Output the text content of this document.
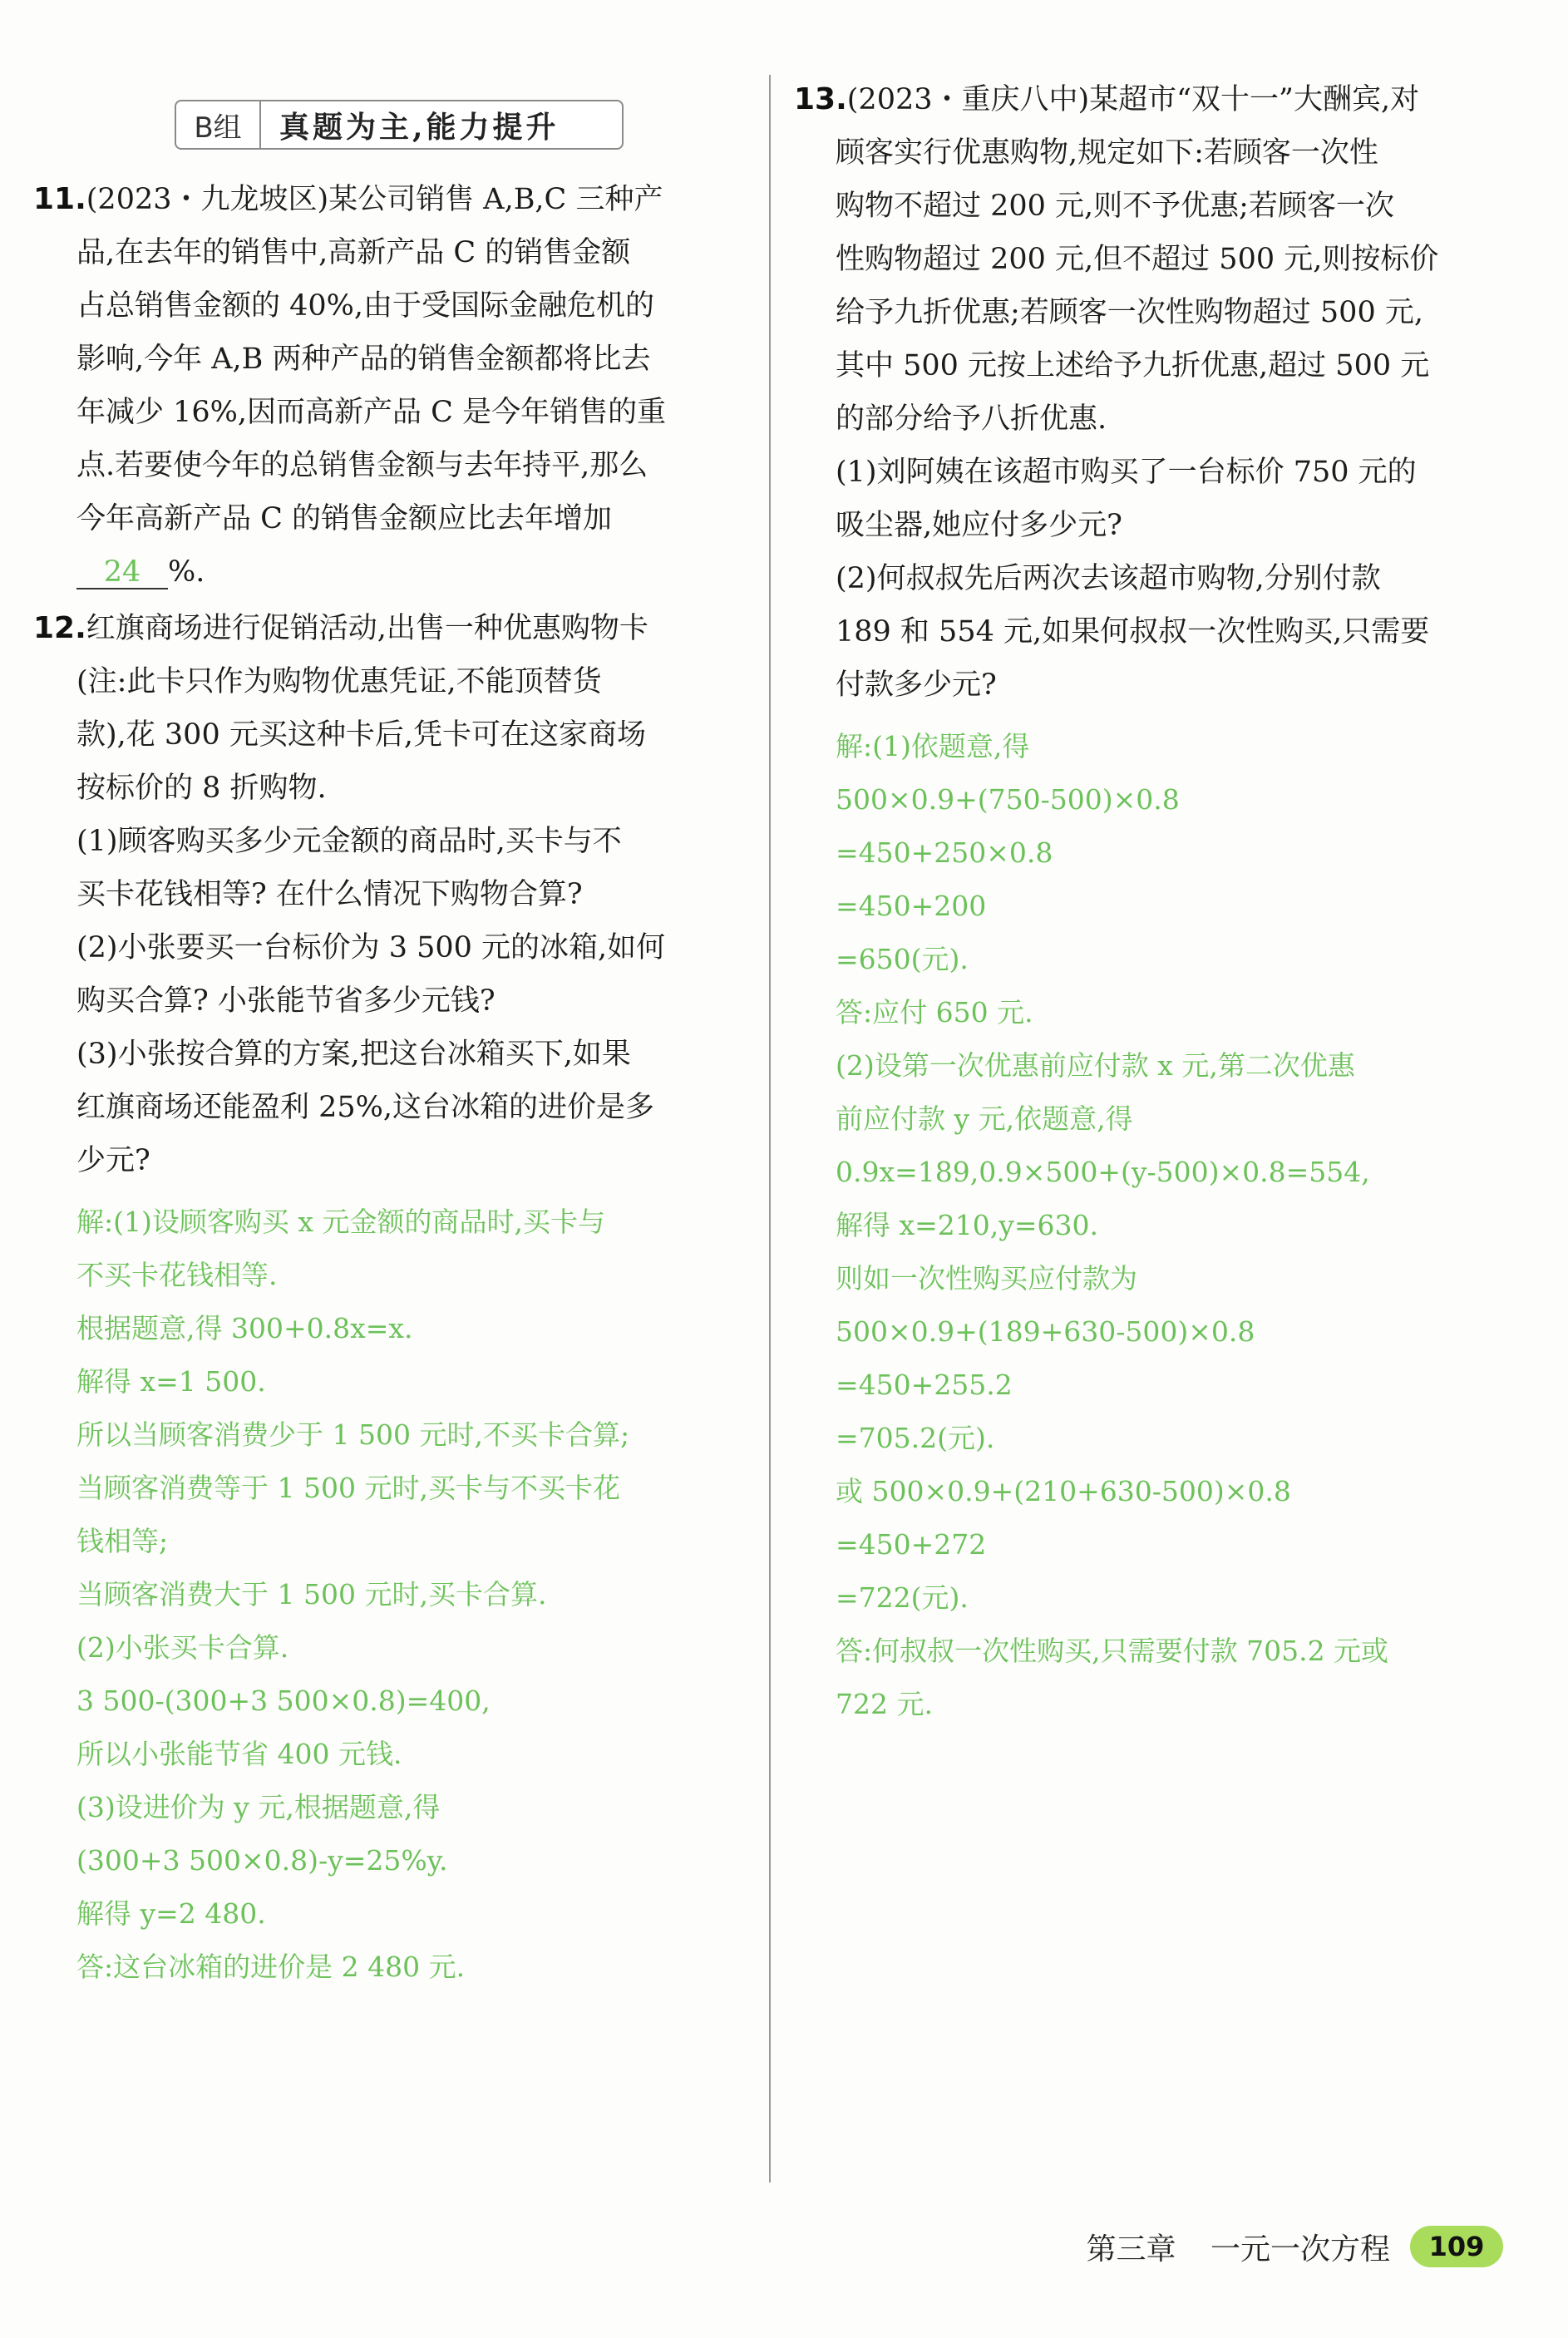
B组	真题为主,能力提升
11.(2023・九龙坡区)某公司销售 A,B,C 三种产
品,在去年的销售中,高新产品 C 的销售金额
占总销售金额的 40%,由于受国际金融危机的
影响,今年 A,B 两种产品的销售金额都将比去
年减少 16%,因而高新产品 C 是今年销售的重
点.若要使今年的总销售金额与去年持平,那么
今年高新产品 C 的销售金额应比去年增加
24 %.
12.红旗商场进行促销活动,出售一种优惠购物卡
(注:此卡只作为购物优惠凭证,不能顶替货
款),花 300 元买这种卡后,凭卡可在这家商场
按标价的 8 折购物.
(1)顾客购买多少元金额的商品时,买卡与不
买卡花钱相等? 在什么情况下购物合算?
(2)小张要买一台标价为 3 500 元的冰箱,如何
购买合算? 小张能节省多少元钱?
(3)小张按合算的方案,把这台冰箱买下,如果
红旗商场还能盈利 25%,这台冰箱的进价是多
少元?
解:(1)设顾客购买 x 元金额的商品时,买卡与
不买卡花钱相等.
根据题意,得 300+0.8x=x.
解得 x=1 500.
所以当顾客消费少于 1 500 元时,不买卡合算;
当顾客消费等于 1 500 元时,买卡与不买卡花
钱相等;
当顾客消费大于 1 500 元时,买卡合算.
(2)小张买卡合算.
3 500-(300+3 500×0.8)=400,
所以小张能节省 400 元钱.
(3)设进价为 y 元,根据题意,得
(300+3 500×0.8)-y=25%y.
解得 y=2 480.
答:这台冰箱的进价是 2 480 元.
13.(2023・重庆八中)某超市“双十一”大酬宾,对
顾客实行优惠购物,规定如下:若顾客一次性
购物不超过 200 元,则不予优惠;若顾客一次
性购物超过 200 元,但不超过 500 元,则按标价
给予九折优惠;若顾客一次性购物超过 500 元,
其中 500 元按上述给予九折优惠,超过 500 元
的部分给予八折优惠.
(1)刘阿姨在该超市购买了一台标价 750 元的
吸尘器,她应付多少元?
(2)何叔叔先后两次去该超市购物,分别付款
189 和 554 元,如果何叔叔一次性购买,只需要
付款多少元?
解:(1)依题意,得
500×0.9+(750-500)×0.8
=450+250×0.8
=450+200
=650(元).
答:应付 650 元.
(2)设第一次优惠前应付款 x 元,第二次优惠
前应付款 y 元,依题意,得
0.9x=189,0.9×500+(y-500)×0.8=554,
解得 x=210,y=630.
则如一次性购买应付款为
500×0.9+(189+630-500)×0.8
=450+255.2
=705.2(元).
或 500×0.9+(210+630-500)×0.8
=450+272
=722(元).
答:何叔叔一次性购买,只需要付款 705.2 元或
722 元.
第三章 一元一次方程	109
